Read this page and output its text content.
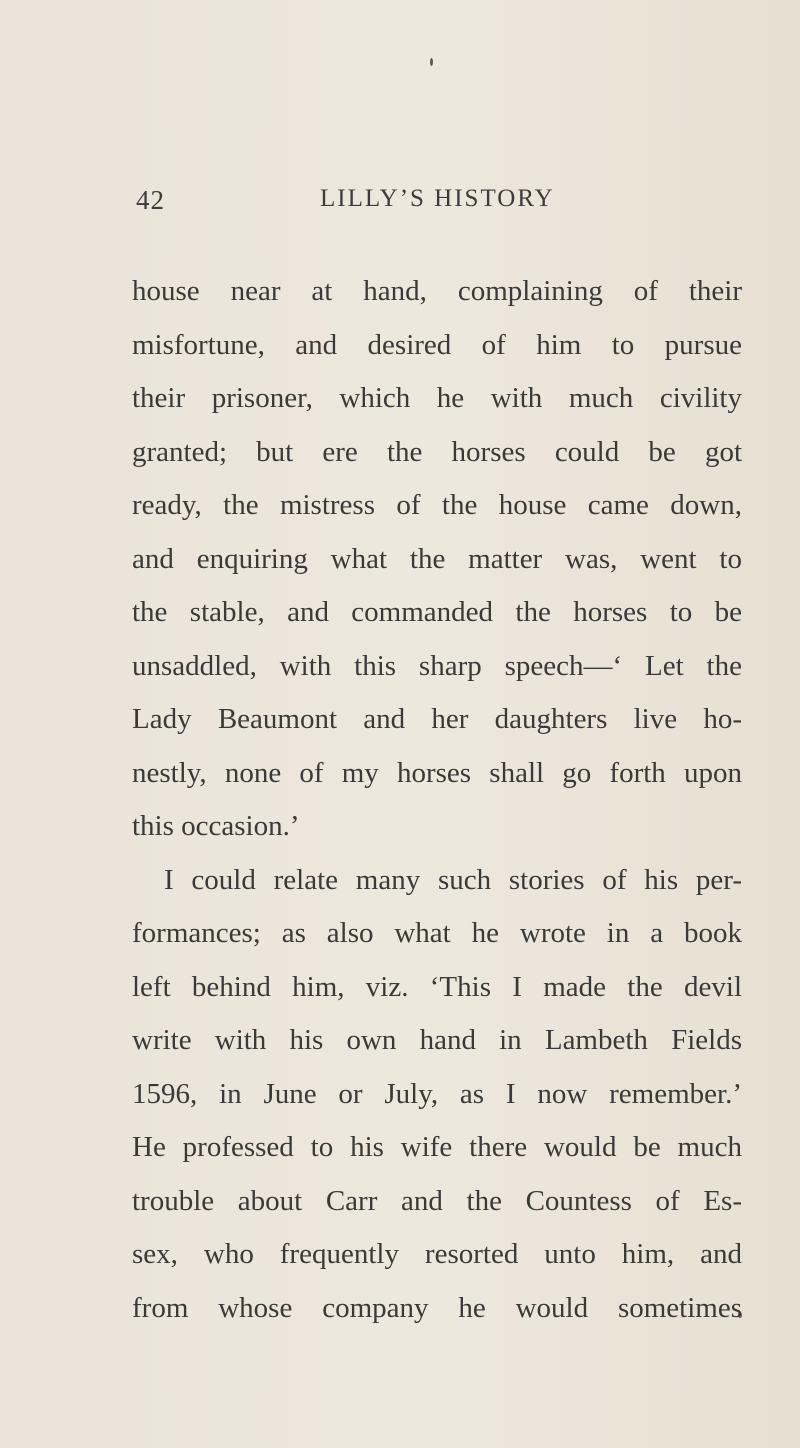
42	LILLY’S HISTORY
house near at hand, complaining of their
misfortune, and desired of him to pursue
their prisoner, which he with much civility
granted; but ere the horses could be got
ready, the mistress of the house came down,
and enquiring what the matter was, went to
the stable, and commanded the horses to be
unsaddled, with this sharp speech—‘ Let the
Lady Beaumont and her daughters live ho-
nestly, none of my horses shall go forth upon
this occasion.’
I could relate many such stories of his per-
formances; as also what he wrote in a book
left behind him, viz. ‘This I made the devil
write with his own hand in Lambeth Fields
1596, in June or July, as I now remember.’
He professed to his wife there would be much
trouble about Carr and the Countess of Es-
sex, who frequently resorted unto him, and
from whose company he would sometimes
